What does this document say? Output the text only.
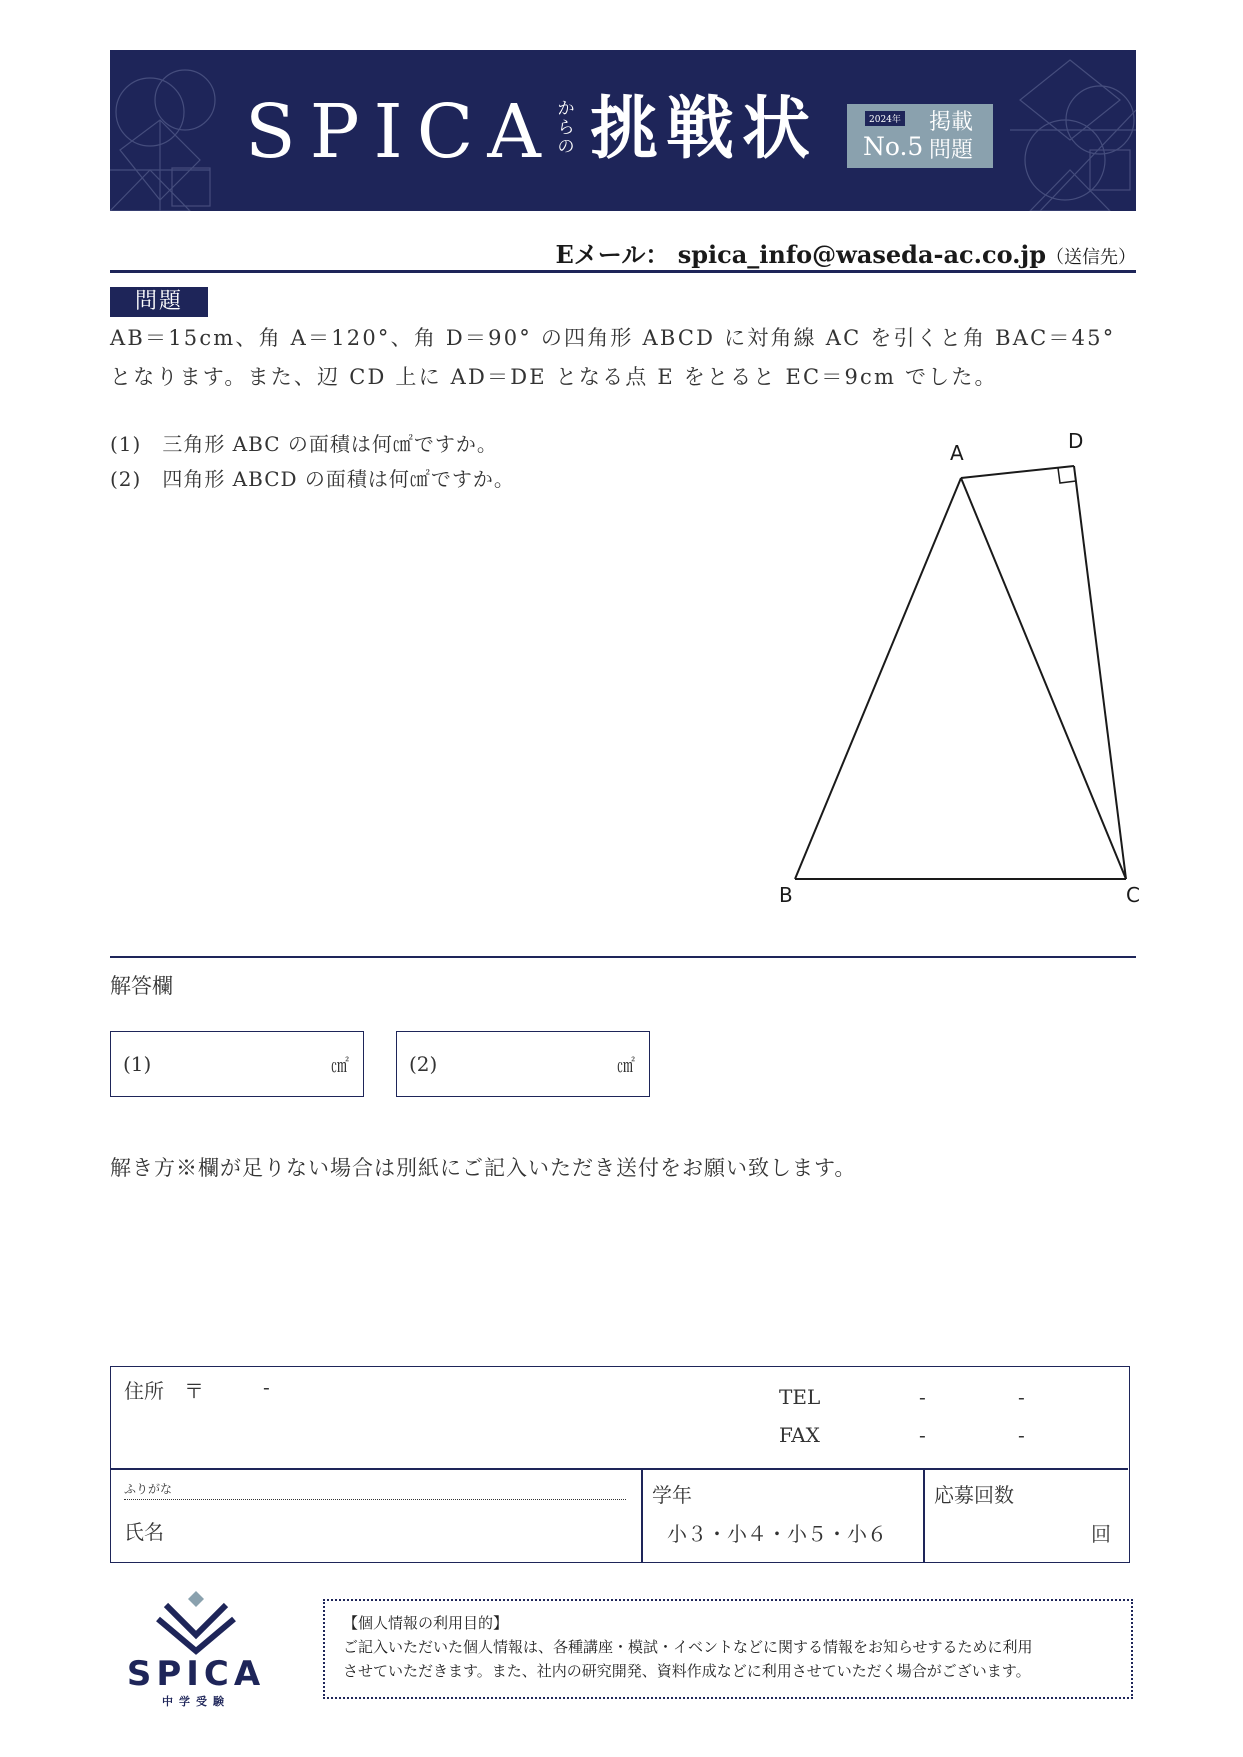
SPICA からの 挑戦状	2024年
No.5
掲載問題
Eメール： spica_info@waseda-ac.co.jp（送信先）
問題
AB＝15cm、角 A＝120°、角 D＝90° の四角形 ABCD に対角線 AC を引くと角 BAC＝45°
となります。また、辺 CD 上に AD＝DE となる点 E をとると EC＝9cm でした。
(1)　三角形 ABC の面積は何㎠ですか。
(2)　四角形 ABCD の面積は何㎠ですか。
A	D
B	C
解答欄
(1)	㎠	(2)	㎠
解き方※欄が足りない場合は別紙にご記入いただき送付をお願い致します。
住所　〒	-	TEL	-	-
FAX	-	-
ふりがな
氏名
学年
小３・小４・小５・小６
応募回数
回
SPICA
中学受験
【個人情報の利用目的】
ご記入いただいた個人情報は、各種講座・模試・イベントなどに関する情報をお知らせするために利用
させていただきます。また、社内の研究開発、資料作成などに利用させていただく場合がございます。
